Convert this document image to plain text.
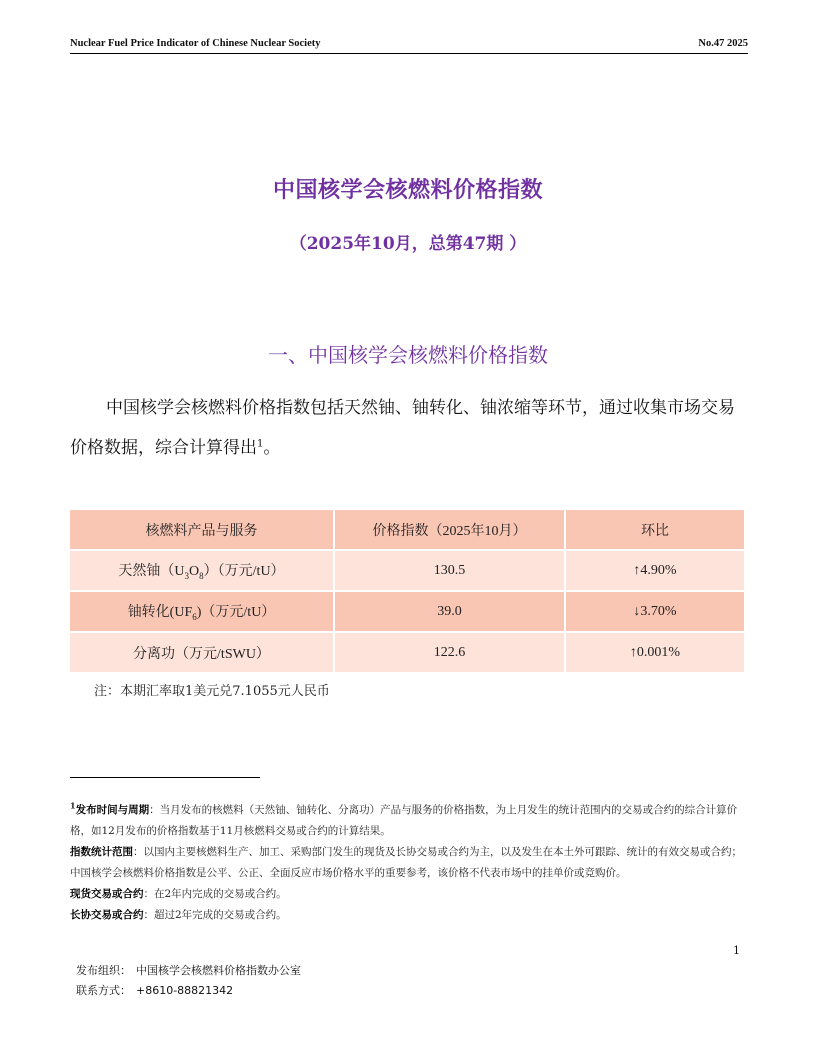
Nuclear Fuel Price Indicator of Chinese Nuclear Society	No.47 2025
中国核学会核燃料价格指数
（2025年10月，总第47期 ）
一、中国核学会核燃料价格指数
中国核学会核燃料价格指数包括天然铀、铀转化、铀浓缩等环节，通过收集市场交易价格数据，综合计算得出$^1$。
核燃料产品与服务	价格指数（2025年10月）	环比
天然铀$(U_3O_8)$（万元/tU）	130.5	↑4.90%
铀转化$(UF_6)$（万元/tU）	39.0	↓3.70%
分离功（万元/tSWU）	122.6	↑0.001%
注：本期汇率取1美元兑7.1055元人民币

$^1$发布时间与周期：当月发布的核燃料（天然铀、铀转化、分离功）产品与服务的价格指数，为上月发生的统计范围内的交易或合约的综合计算价格，如12月发布的价格指数基于11月核燃料交易或合约的计算结果。

指数统计范围：以国内主要核燃料生产、加工、采购部门发生的现货及长协交易或合约为主，以及发生在本土外可跟踪、统计的有效交易或合约；中国核学会核燃料价格指数是公平、公正、全面反应市场价格水平的重要参考，该价格不代表市场中的挂单价或竞购价。

现货交易或合约：在2年内完成的交易或合约。

长协交易或合约：超过2年完成的交易或合约。

1
发布组织： 中国核学会核燃料价格指数办公室
联系方式： +8610-88821342
